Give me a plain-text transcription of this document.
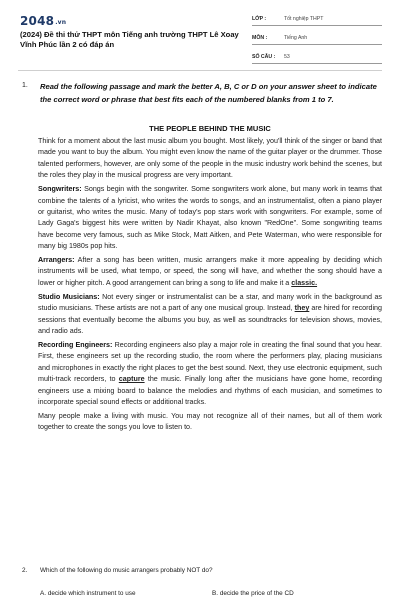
2048.vn
(2024) Đề thi thử THPT môn Tiếng anh trường THPT Lê Xoay Vĩnh Phúc lần 2 có đáp án
LỚP :	Tốt nghiệp THPT
MÔN :	Tiếng Anh
SỐ CÂU : 53
1. Read the following passage and mark the better A, B, C or D on your answer sheet to indicate the correct word or phrase that best fits each of the numbered blanks from 1 to 7.
THE PEOPLE BEHIND THE MUSIC

Think for a moment about the last music album you bought. Most likely, you'll think of the singer or band that made you want to buy the album. You might even know the name of the guitar player or the drummer. Those talented performers, however, are only some of the people in the music industry work behind the scenes, but the roles they play in the musical progress are very important.

Songwriters: Songs begin with the songwriter. Some songwriters work alone, but many work in teams that combine the talents of a lyricist, who writes the words to songs, and an instrumentalist, often a piano player or guitarist, who writes the music. Many of today's pop stars work with songwriters. For example, some of Lady Gaga's biggest hits were written by Nadir Khayat, also known "RedOne". Some songwriting teams have become very famous, such as Mike Stock, Matt Aitken, and Pete Waterman, who were responsible for many big 1980s pop hits.

Arrangers: After a song has been written, music arrangers make it more appealing by deciding which instruments will be used, what tempo, or speed, the song will have, and whether the song should have a lower or higher pitch. A good arrangement can bring a song to life and make it a classic.

Studio Musicians: Not every singer or instrumentalist can be a star, and many work in the background as studio musicians. These artists are not a part of any one musical group. Instead, they are hired for recording sessions that eventually become the albums you buy, as well as soundtracks for television shows, movies, and radio ads.

Recording Engineers: Recording engineers also play a major role in creating the final sound that you hear. First, these engineers set up the recording studio, the room where the performers play, placing musicians and microphones in exactly the right places to get the best sound. Next, they use electronic equipment, such multi-track recorders, to capture the music. Finally long after the musicians have gone home, recording engineers use a mixing board to balance the melodies and rhythms of each musician, and sometimes to incorporate special sound effects or additional tracks.

Many people make a living with music. You may not recognize all of their names, but all of them work together to create the songs you love to listen to.

2. Which of the following do music arrangers probably NOT do?
A. decide which instrument to use	B. decide the price of the CD
